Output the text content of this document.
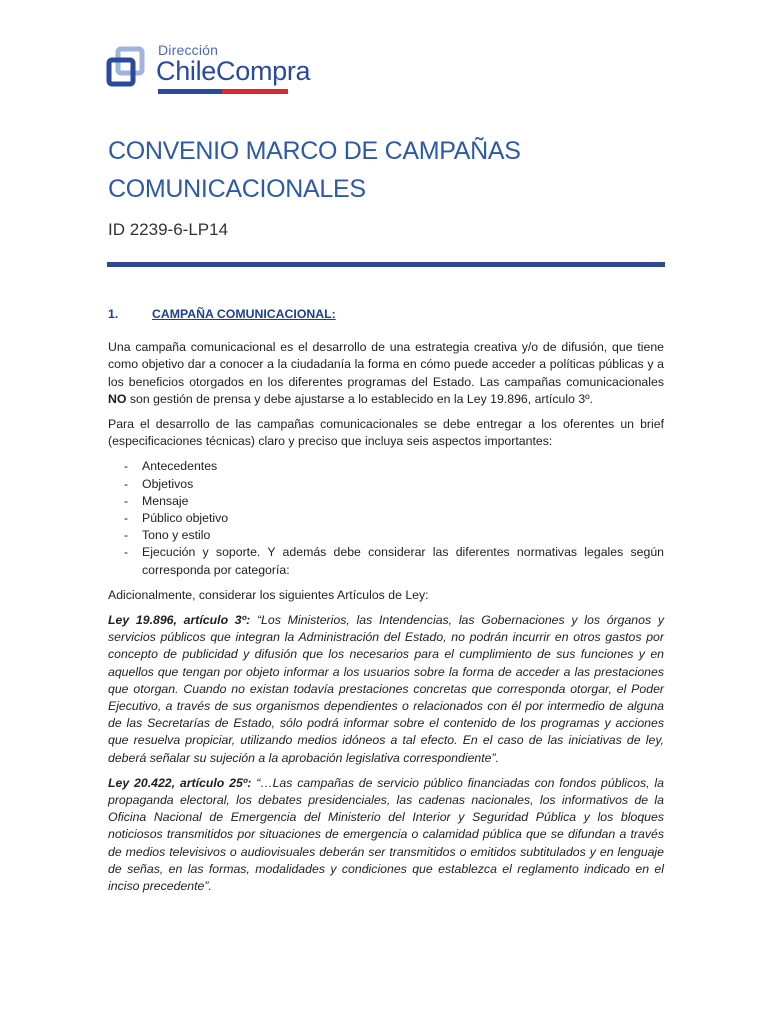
Dirección
ChileCompra
CONVENIO MARCO DE CAMPAÑAS COMUNICACIONALES
ID 2239-6-LP14
1.	CAMPAÑA COMUNICACIONAL:

Una campaña comunicacional es el desarrollo de una estrategia creativa y/o de difusión, que tiene como objetivo dar a conocer a la ciudadanía la forma en cómo puede acceder a políticas públicas y a los beneficios otorgados en los diferentes programas del Estado. Las campañas comunicacionales NO son gestión de prensa y debe ajustarse a lo establecido en la Ley 19.896, artículo 3º.

Para el desarrollo de las campañas comunicacionales se debe entregar a los oferentes un brief (especificaciones técnicas) claro y preciso que incluya seis aspectos importantes:

-	Antecedentes
-	Objetivos
-	Mensaje
-	Público objetivo
-	Tono y estilo
-	Ejecución y soporte. Y además debe considerar las diferentes normativas legales según corresponda por categoría:

Adicionalmente, considerar los siguientes Artículos de Ley:

Ley 19.896, artículo 3º: “Los Ministerios, las Intendencias, las Gobernaciones y los órganos y servicios públicos que integran la Administración del Estado, no podrán incurrir en otros gastos por concepto de publicidad y difusión que los necesarios para el cumplimiento de sus funciones y en aquellos que tengan por objeto informar a los usuarios sobre la forma de acceder a las prestaciones que otorgan. Cuando no existan todavía prestaciones concretas que corresponda otorgar, el Poder Ejecutivo, a través de sus organismos dependientes o relacionados con él por intermedio de alguna de las Secretarías de Estado, sólo podrá informar sobre el contenido de los programas y acciones que resuelva propiciar, utilizando medios idóneos a tal efecto. En el caso de las iniciativas de ley, deberá señalar su sujeción a la aprobación legislativa correspondiente”.

Ley 20.422, artículo 25º: “…Las campañas de servicio público financiadas con fondos públicos, la propaganda electoral, los debates presidenciales, las cadenas nacionales, los informativos de la Oficina Nacional de Emergencia del Ministerio del Interior y Seguridad Pública y los bloques noticiosos transmitidos por situaciones de emergencia o calamidad pública que se difundan a través de medios televisivos o audiovisuales deberán ser transmitidos o emitidos subtitulados y en lenguaje de señas, en las formas, modalidades y condiciones que establezca el reglamento indicado en el inciso precedente”.
